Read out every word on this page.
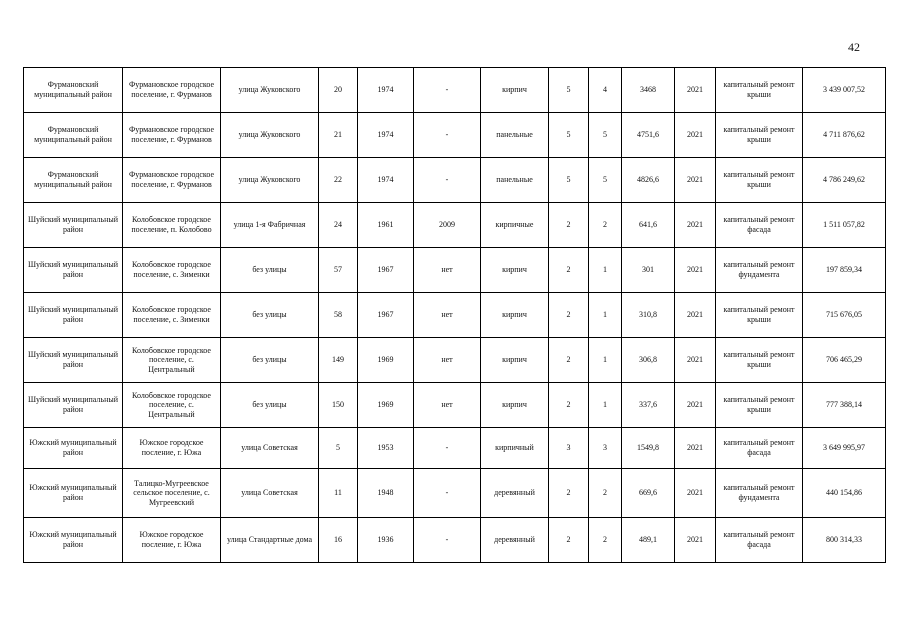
42
Фурмановский муниципальный район	Фурмановское городское поселение, г. Фурманов	улица Жуковского	20	1974	-	кирпич	5	4	3468	2021	капитальный ремонт крыши	3 439 007,52
Фурмановский муниципальный район	Фурмановское городское поселение, г. Фурманов	улица Жуковского	21	1974	-	панельные	5	5	4751,6	2021	капитальный ремонт крыши	4 711 876,62
Фурмановский муниципальный район	Фурмановское городское поселение, г. Фурманов	улица Жуковского	22	1974	-	панельные	5	5	4826,6	2021	капитальный ремонт крыши	4 786 249,62
Шуйский муниципальный район	Колобовское городское поселение, п. Колобово	улица 1-я Фабричная	24	1961	2009	кирпичные	2	2	641,6	2021	капитальный ремонт фасада	1 511 057,82
Шуйский муниципальный район	Колобовское городское поселение, с. Зименки	без улицы	57	1967	нет	кирпич	2	1	301	2021	капитальный ремонт фундамента	197 859,34
Шуйский муниципальный район	Колобовское городское поселение, с. Зименки	без улицы	58	1967	нет	кирпич	2	1	310,8	2021	капитальный ремонт крыши	715 676,05
Шуйский муниципальный район	Колобовское городское поселение, с. Центральный	без улицы	149	1969	нет	кирпич	2	1	306,8	2021	капитальный ремонт крыши	706 465,29
Шуйский муниципальный район	Колобовское городское поселение, с. Центральный	без улицы	150	1969	нет	кирпич	2	1	337,6	2021	капитальный ремонт крыши	777 388,14
Южский муниципальный район	Южское городское посление, г. Южа	улица Советская	5	1953	-	кирпичный	3	3	1549,8	2021	капитальный ремонт фасада	3 649 995,97
Южский муниципальный район	Талицко-Мугреевское сельское поселение, с. Мугреевский	улица Советская	11	1948	-	деревянный	2	2	669,6	2021	капитальный ремонт фундамента	440 154,86
Южский муниципальный район	Южское городское посление, г. Южа	улица Стандартные дома	16	1936	-	деревянный	2	2	489,1	2021	капитальный ремонт фасада	800 314,33
